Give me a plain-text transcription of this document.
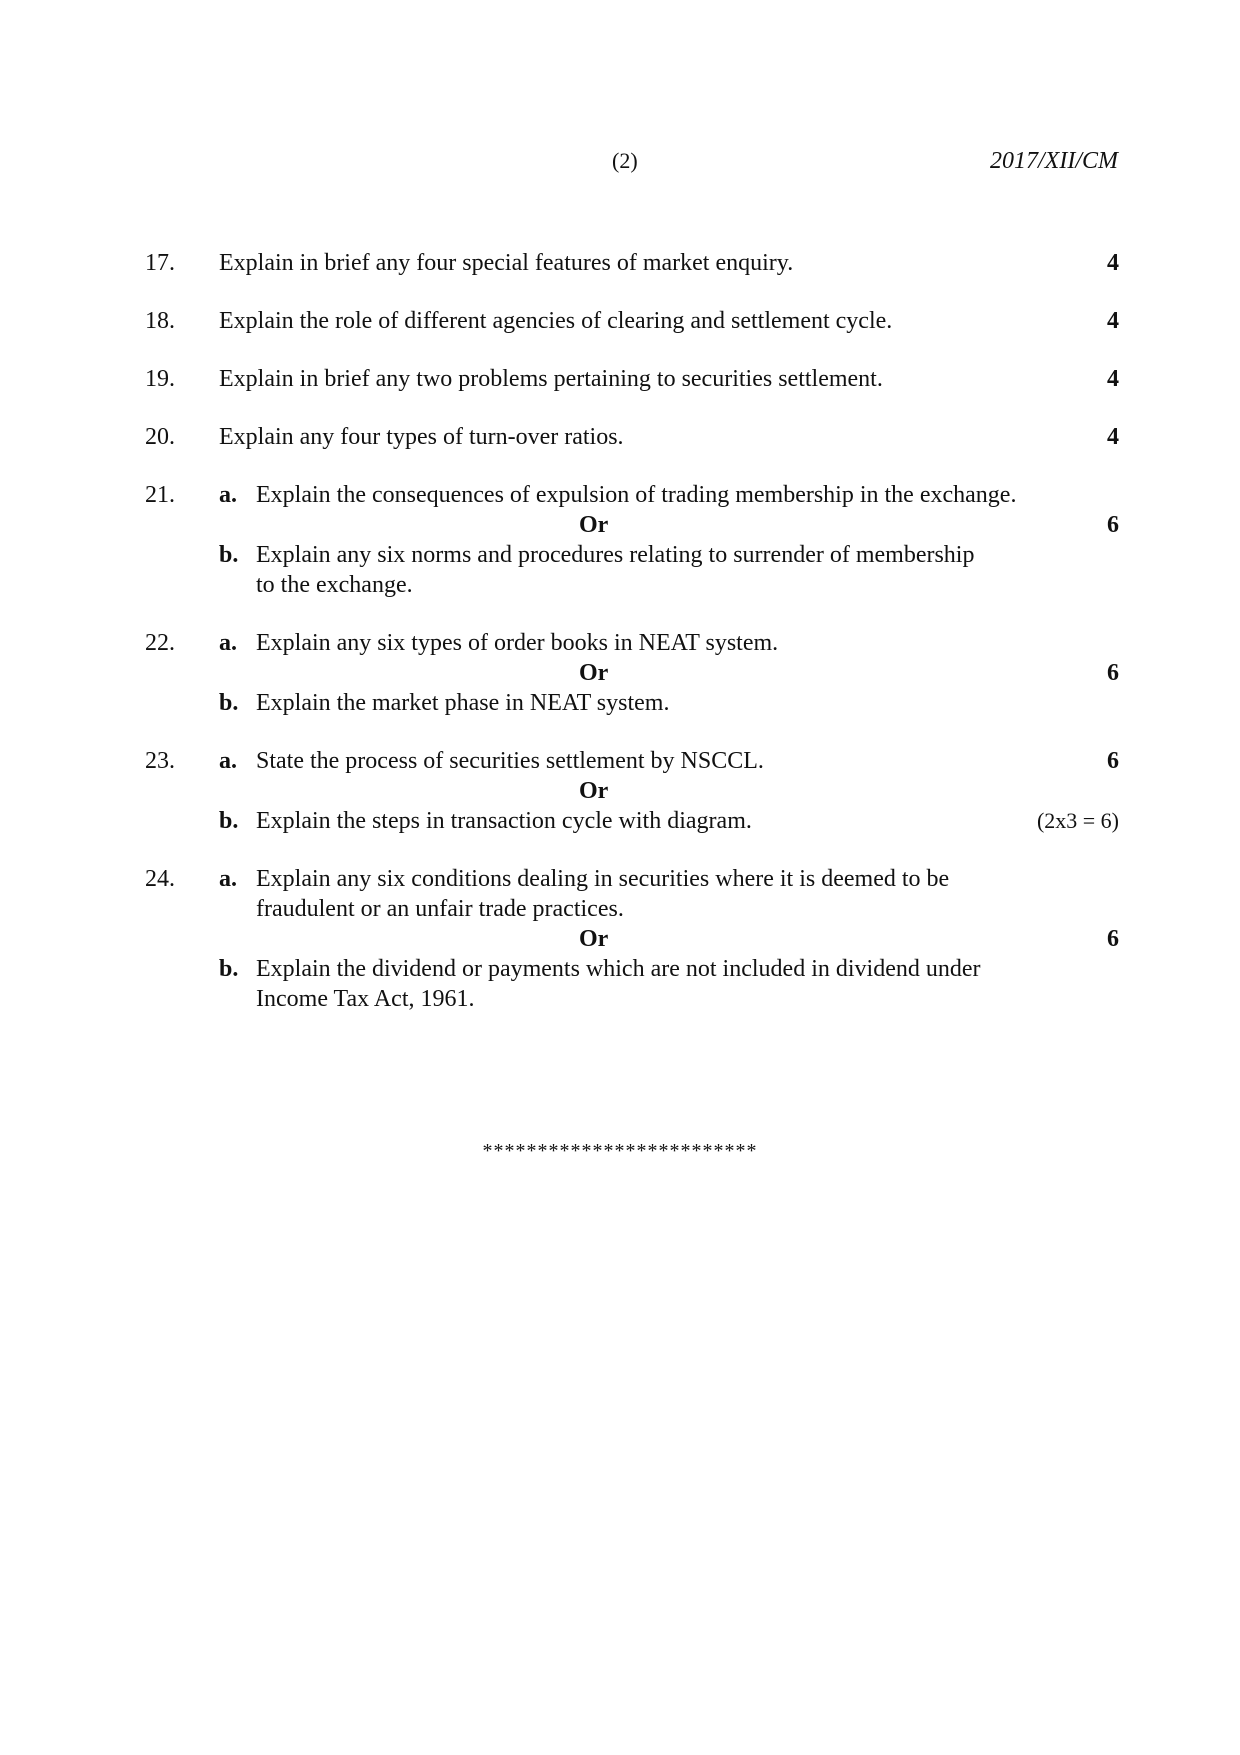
(2)	2017/XII/CM
17.	Explain in brief any four special features of market enquiry.	4
18.	Explain the role of different agencies of clearing and settlement cycle.	4
19.	Explain in brief any two problems pertaining to securities settlement.	4
20.	Explain any four types of turn-over ratios.	4
21.	a. Explain the consequences of expulsion of trading membership in the exchange.
Or	6
b. Explain any six norms and procedures relating to surrender of membership
to the exchange.
22.	a. Explain any six types of order books in NEAT system.
Or	6
b. Explain the market phase in NEAT system.
23.	a. State the process of securities settlement by NSCCL.	6
Or
b. Explain the steps in transaction cycle with diagram.	(2x3 = 6)
24.	a. Explain any six conditions dealing in securities where it is deemed to be
fraudulent or an unfair trade practices.
Or	6
b. Explain the dividend or payments which are not included in dividend under
Income Tax Act, 1961.
*************************
